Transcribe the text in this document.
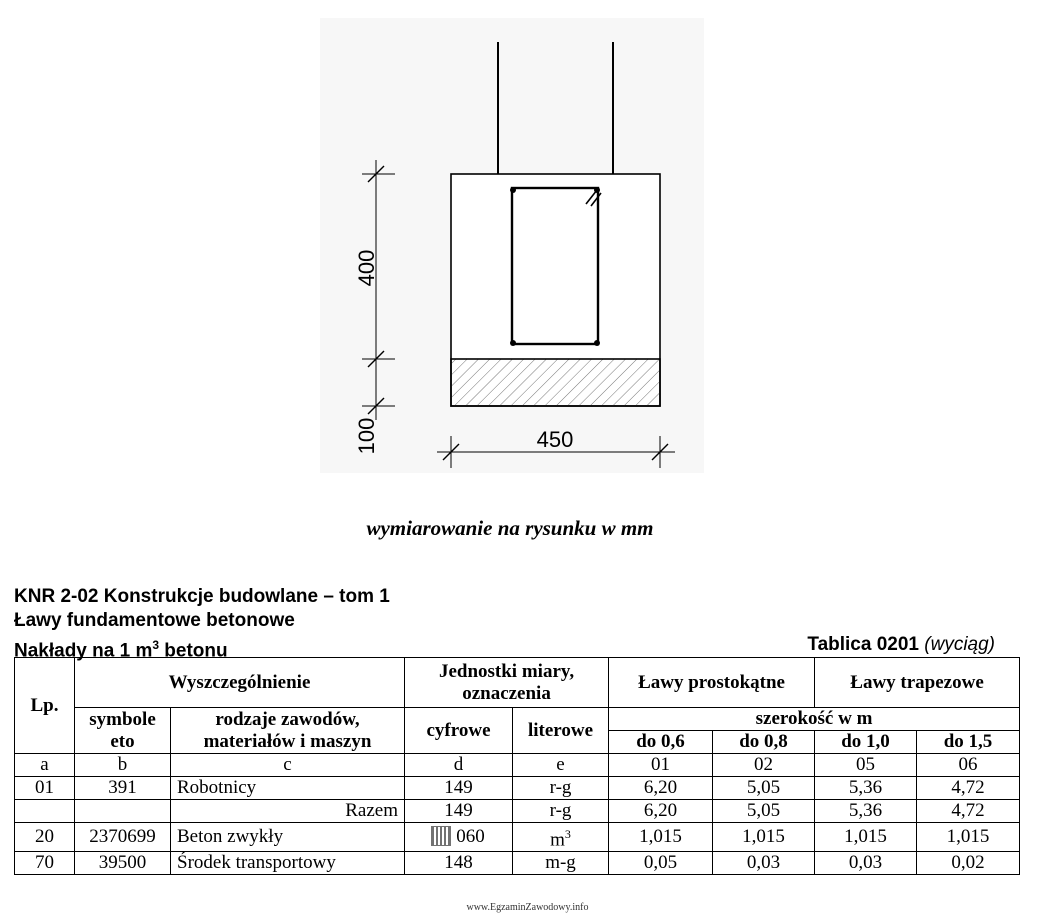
400
100	450
wymiarowanie na rysunku w mm
KNR 2-02 Konstrukcje budowlane – tom 1
Ławy fundamentowe betonowe
Nakłady na 1 $m^3$ betonu	Tablica 0201 (wyciąg)
Lp.	Wyszczególnienie		Jednostki miary, oznaczenia		Ławy prostokątne		Ławy trapezowe	
	symbole eto	rodzaje zawodów, materiałów i maszyn	cyfrowe	literowe	szerokość w m			
					do 0,6	do 0,8	do 1,0	do 1,5
a	b	c	d	e	01	02	05	06
01	391	Robotnicy	149	r-g	6,20	5,05	5,36	4,72
		Razem	149	r-g	6,20	5,05	5,36	4,72
20	2370699	Beton zwykły	060	$m^3$	1,015	1,015	1,015	1,015
70	39500	Środek transportowy	148	m-g	0,05	0,03	0,03	0,02
www.EgzaminZawodowy.info
